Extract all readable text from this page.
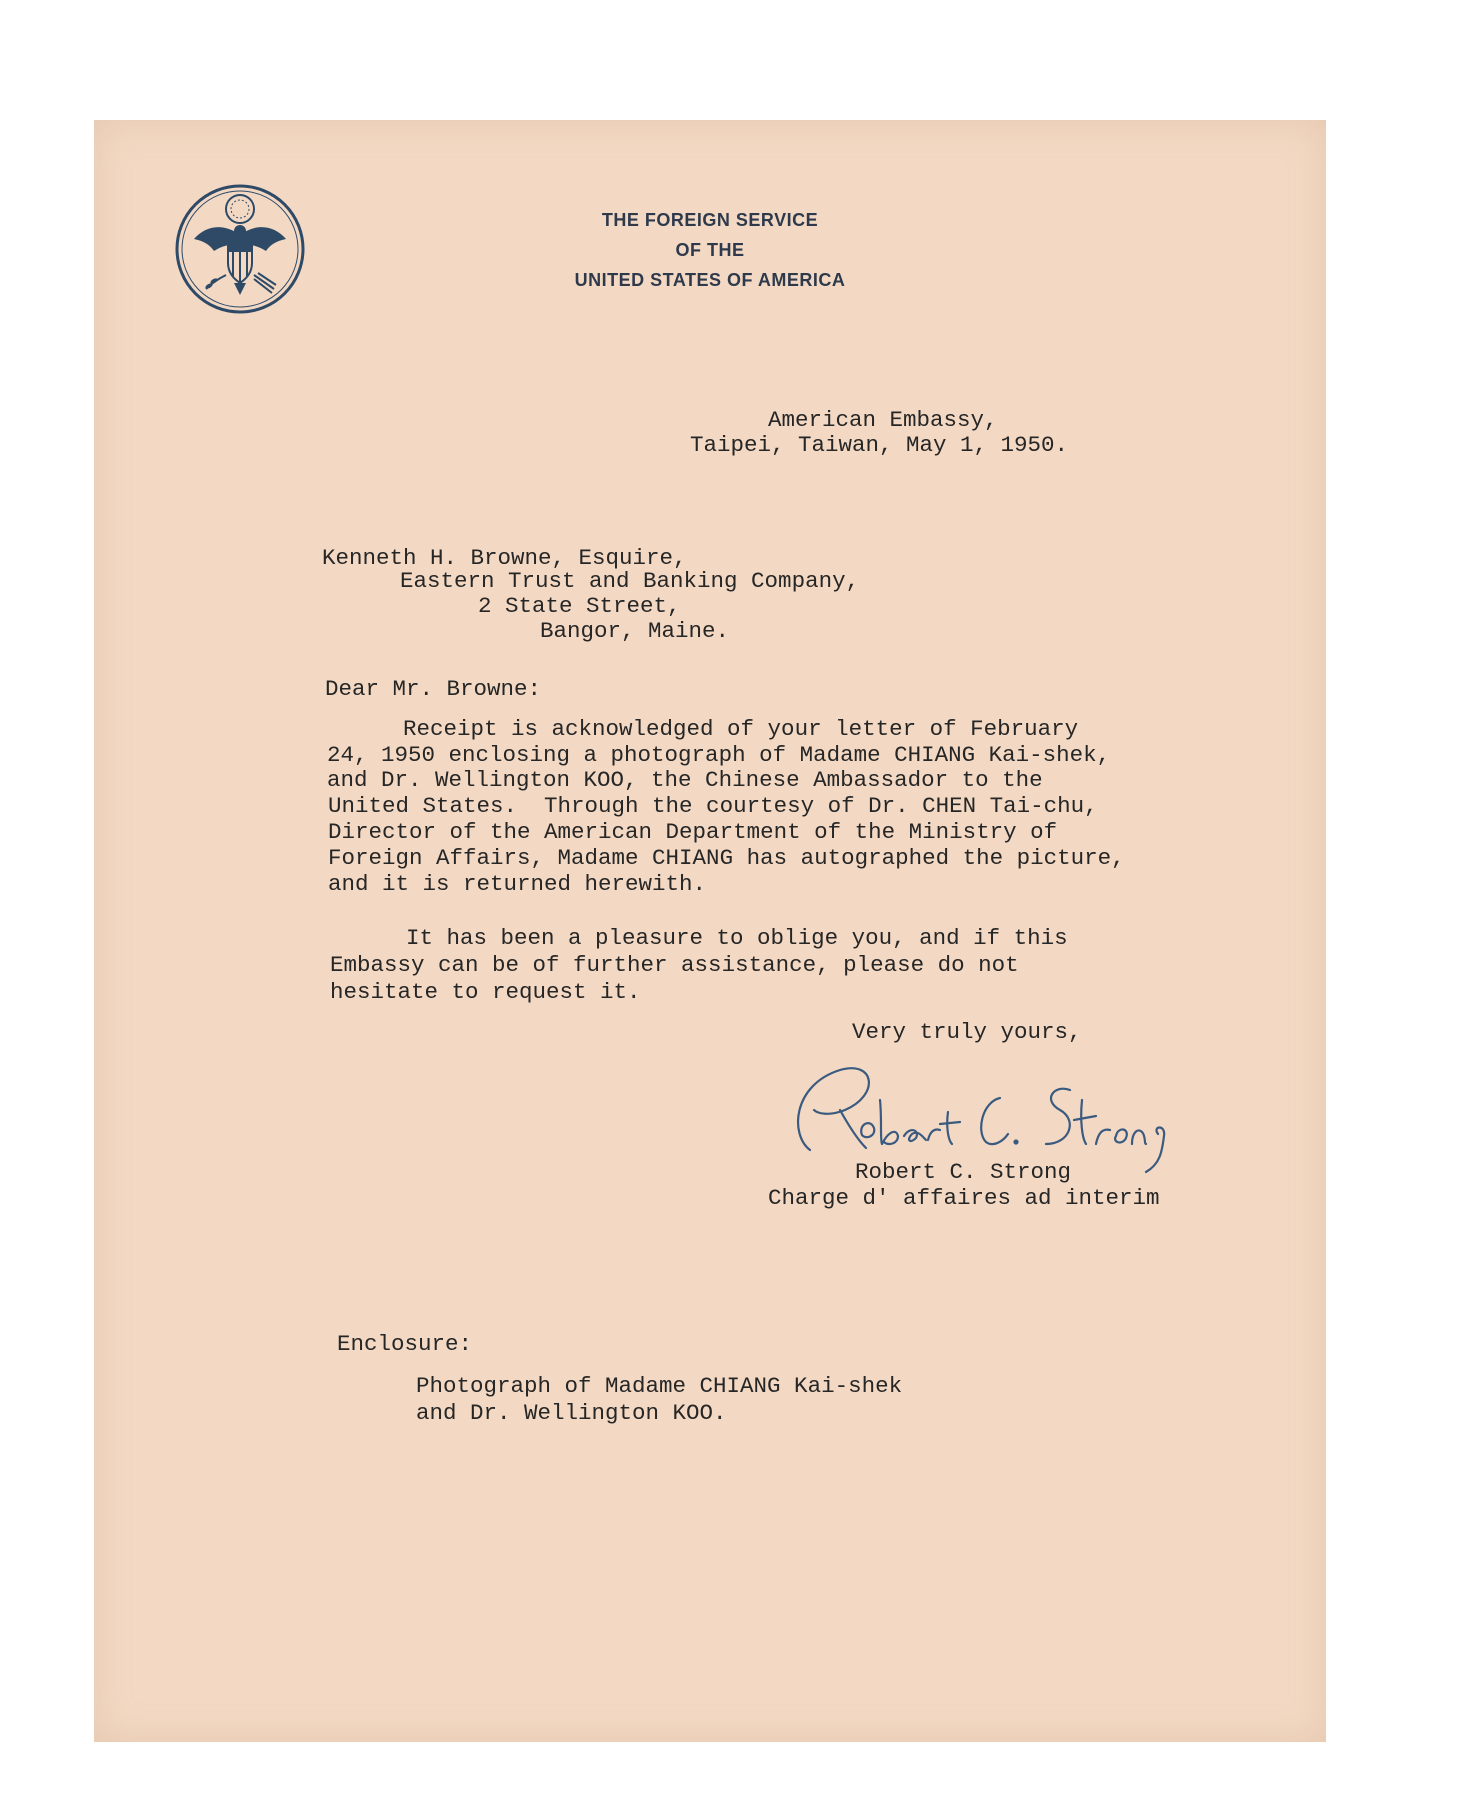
THE FOREIGN SERVICE
OF THE
UNITED STATES OF AMERICA
American Embassy,
Taipei, Taiwan, May 1, 1950.
Kenneth H. Browne, Esquire,
Eastern Trust and Banking Company,
2 State Street,
Bangor, Maine.
Dear Mr. Browne:
Receipt is acknowledged of your letter of February
24, 1950 enclosing a photograph of Madame CHIANG Kai-shek,
and Dr. Wellington KOO, the Chinese Ambassador to the
United States.  Through the courtesy of Dr. CHEN Tai-chu,
Director of the American Department of the Ministry of
Foreign Affairs, Madame CHIANG has autographed the picture,
and it is returned herewith.
It has been a pleasure to oblige you, and if this
Embassy can be of further assistance, please do not
hesitate to request it.
Very truly yours,
Robert C. Strong
Charge d' affaires ad interim
Enclosure:
Photograph of Madame CHIANG Kai-shek
and Dr. Wellington KOO.
